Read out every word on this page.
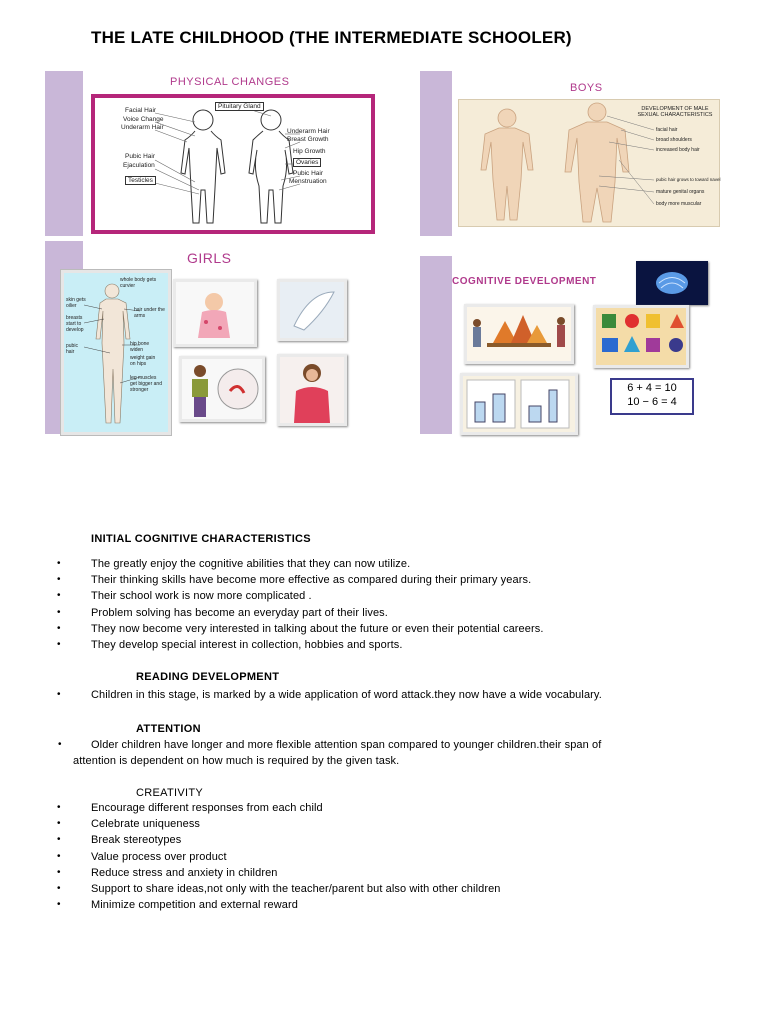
THE LATE CHILDHOOD (THE INTERMEDIATE SCHOOLER)
PHYSICAL CHANGES
Facial Hair
Voice Change
Underarm Hair
Pubic Hair
Ejaculation
Testicles
Pituitary Gland
Underarm Hair
Breast Growth
Hip Growth
Ovaries
Pubic Hair
Menstruation
BOYS
DEVELOPMENT OF MALE SEXUAL CHARACTERISTICS
facial hair
broad shoulders
increased body hair
pubic hair grows to toward navel
mature genital organs
body more muscular
GIRLS
whole body gets curvier
skin gets oilier
hair under the arms
breasts start to develop
pubic hair
hip bone widen
weight gain on hips
leg muscles get bigger and stronger
COGNITIVE DEVELOPMENT
6 + 4 = 10
10 − 6 = 4
INITIAL COGNITIVE CHARACTERISTICS
• The greatly enjoy the cognitive abilities that they can now utilize.
• Their thinking skills have become more effective as compared during their primary years.
• Their school work is now more complicated .
• Problem solving has become an everyday part of their lives.
• They now become very interested in talking about the future or even their potential careers.
• They develop special interest in collection, hobbies and sports.
READING DEVELOPMENT
• Children in this stage, is marked by a wide application of word attack.they now have a wide vocabulary.
ATTENTION
•	Older children have longer and more flexible attention span compared to younger children.their span of
attention is dependent on how much is required by the given task.
CREATIVITY
• Encourage different responses from each child
• Celebrate uniqueness
• Break stereotypes
• Value process over product
• Reduce stress and anxiety in children
• Support to share ideas,not only with the teacher/parent but also with other children
• Minimize competition and external reward
